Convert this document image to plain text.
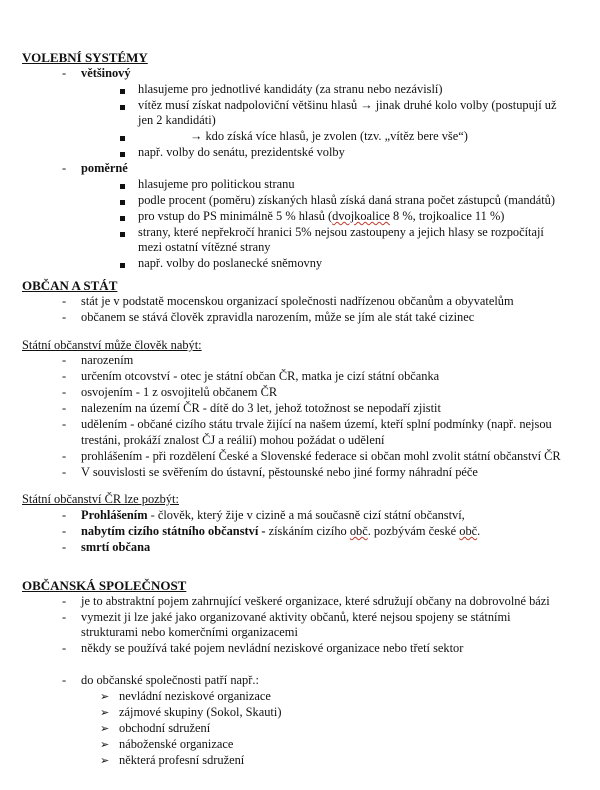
VOLEBNÍ SYSTÉMY
- většinový
hlasujeme pro jednotlivé kandidáty (za stranu nebo nezávislí)
vítěz musí získat nadpoloviční většinu hlasů → jinak druhé kolo volby (postupují už
jen 2 kandidáti)
→ kdo získá více hlasů, je zvolen (tzv. „vítěz bere vše“)
např. volby do senátu, prezidentské volby
- poměrné
hlasujeme pro politickou stranu
podle procent (poměru) získaných hlasů získá daná strana počet zástupců (mandátů)
pro vstup do PS minimálně 5 % hlasů (dvojkoalice 8 %, trojkoalice 11 %)
strany, které nepřekročí hranici 5% nejsou zastoupeny a jejich hlasy se rozpočítají
mezi ostatní vítězné strany
např. volby do poslanecké sněmovny
OBČAN A STÁT
- stát je v podstatě mocenskou organizací společnosti nadřízenou občanům a obyvatelům
- občanem se stává člověk zpravidla narozením, může se jím ale stát také cizinec
Státní občanství může člověk nabýt:
- narozením
- určením otcovství - otec je státní občan ČR, matka je cizí státní občanka
- osvojením - 1 z osvojitelů občanem ČR
- nalezením na území ČR - dítě do 3 let, jehož totožnost se nepodaří zjistit
- udělením - občané cizího státu trvale žijící na našem území, kteří splní podmínky (např. nejsou
trestáni, prokáží znalost ČJ a reálií) mohou požádat o udělení
- prohlášením - při rozdělení České a Slovenské federace si občan mohl zvolit státní občanství ČR
- V souvislosti se svěřením do ústavní, pěstounské nebo jiné formy náhradní péče
Státní občanství ČR lze pozbýt:
- Prohlášením - člověk, který žije v cizině a má současně cizí státní občanství,
- nabytím cizího státního občanství - získáním cizího obč. pozbývám české obč.
- smrtí občana
OBČANSKÁ SPOLEČNOST
- je to abstraktní pojem zahrnující veškeré organizace, které sdružují občany na dobrovolné bázi
- vymezit ji lze jaké jako organizované aktivity občanů, které nejsou spojeny se státními
strukturami nebo komerčními organizacemi
- někdy se používá také pojem nevládní neziskové organizace nebo třetí sektor
- do občanské společnosti patří např.:
➢ nevládní neziskové organizace
➢ zájmové skupiny (Sokol, Skauti)
➢ obchodní sdružení
➢ náboženské organizace
➢ některá profesní sdružení
